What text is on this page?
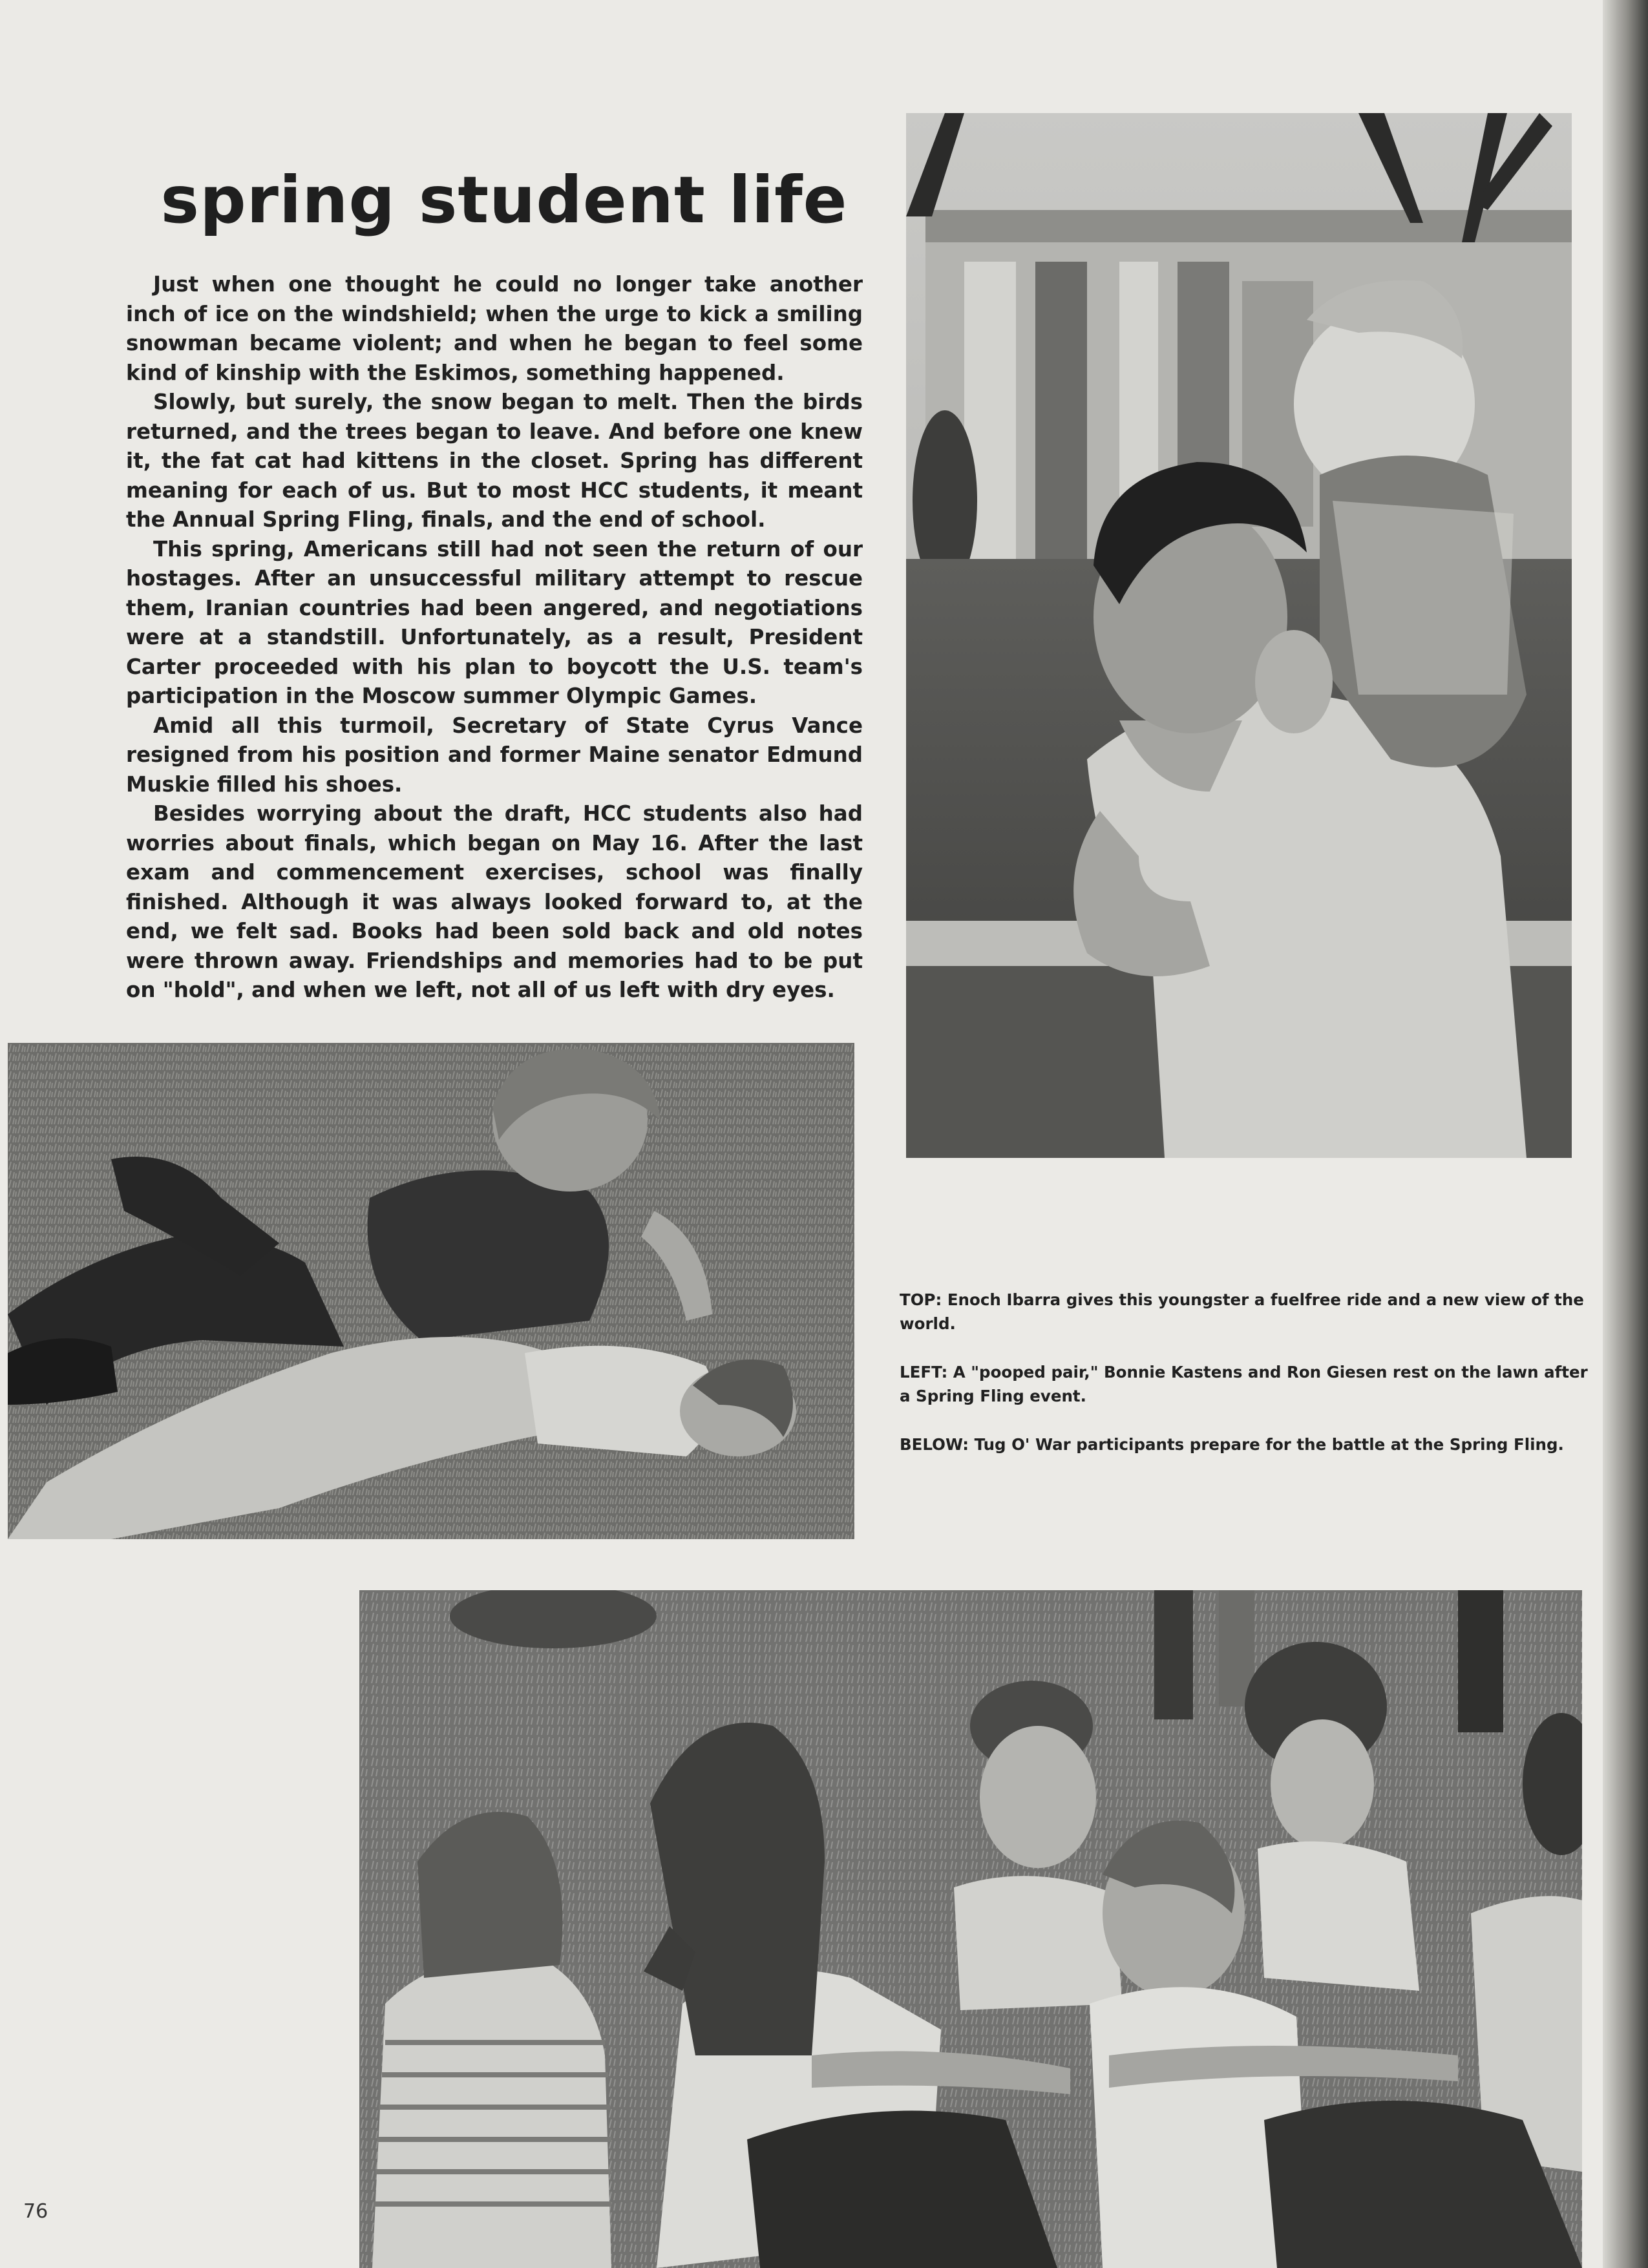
spring student life

Just when one thought he could no longer take another inch of ice on the windshield; when the urge to kick a smiling snowman became violent; and when he began to feel some kind of kinship with the Eskimos, something happened.

Slowly, but surely, the snow began to melt. Then the birds returned, and the trees began to leave. And before one knew it, the fat cat had kittens in the closet. Spring has different meaning for each of us. But to most HCC students, it meant the Annual Spring Fling, finals, and the end of school.

This spring, Americans still had not seen the return of our hostages. After an unsuccessful military attempt to rescue them, Iranian countries had been angered, and negotiations were at a standstill. Unfortunately, as a result, President Carter proceeded with his plan to boycott the U.S. team's participation in the Moscow summer Olympic Games.

Amid all this turmoil, Secretary of State Cyrus Vance resigned from his position and former Maine senator Edmund Muskie filled his shoes.

Besides worrying about the draft, HCC students also had worries about finals, which began on May 16. After the last exam and commencement exercises, school was finally finished. Although it was always looked forward to, at the end, we felt sad. Books had been sold back and old notes were thrown away. Friendships and memories had to be put on "hold", and when we left, not all of us left with dry eyes.

TOP: Enoch Ibarra gives this youngster a fuelfree ride and a new view of the world.

LEFT: A "pooped pair," Bonnie Kastens and Ron Giesen rest on the lawn after a Spring Fling event.

BELOW: Tug O' War participants prepare for the battle at the Spring Fling.

76
